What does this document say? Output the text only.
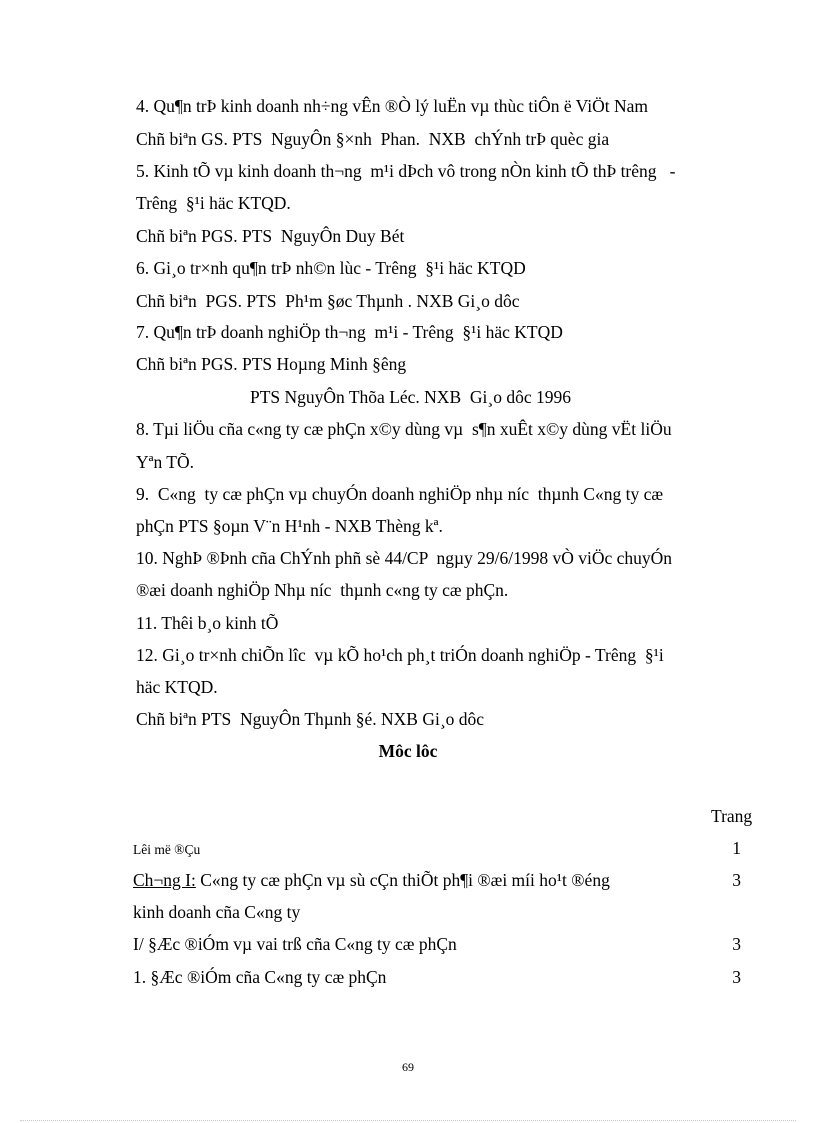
4. Qu¶n trÞ kinh doanh nh÷ng vÊn ®Ò lý luËn vµ thùc tiÔn ë ViÖt Nam
Chñ biªn GS. PTS  NguyÔn §×nh  Phan.  NXB  chÝnh trÞ quèc gia
5. Kinh tÕ vµ kinh doanh th¬ng  m¹i dÞch vô trong nÒn kinh tÕ thÞ trêng   -
Trêng  §¹i häc KTQD.
Chñ biªn PGS. PTS  NguyÔn Duy Bét
6. Gi¸o tr×nh qu¶n trÞ nh©n lùc - Trêng  §¹i häc KTQD
Chñ biªn  PGS. PTS  Ph¹m §øc Thµnh . NXB Gi¸o dôc
7. Qu¶n trÞ doanh nghiÖp th¬ng  m¹i - Trêng  §¹i häc KTQD
Chñ biªn PGS. PTS Hoµng Minh §êng
PTS NguyÔn Thõa Léc. NXB  Gi¸o dôc 1996
8. Tµi liÖu cña c«ng ty cæ phÇn x©y dùng vµ  s¶n xuÊt x©y dùng vËt liÖu
Yªn TÕ.
9.  C«ng  ty cæ phÇn vµ chuyÓn doanh nghiÖp nhµ níc  thµnh C«ng ty cæ
phÇn PTS §oµn V¨n H¹nh - NXB Thèng kª.
10. NghÞ ®Þnh cña ChÝnh phñ sè 44/CP  ngµy 29/6/1998 vÒ viÖc chuyÓn
®æi doanh nghiÖp Nhµ níc  thµnh c«ng ty cæ phÇn.
11. Thêi b¸o kinh tÕ
12. Gi¸o tr×nh chiÕn lîc  vµ kÕ ho¹ch ph¸t triÓn doanh nghiÖp - Trêng  §¹i
häc KTQD.
Chñ biªn PTS  NguyÔn Thµnh §é. NXB Gi¸o dôc
Môc lôc
Trang
Lêi më ®Çu	1
Ch¬ng I: C«ng ty cæ phÇn vµ sù cÇn thiÕt ph¶i ®æi míi ho¹t ®éng	3
kinh doanh cña C«ng ty
I/ §Æc ®iÓm vµ vai trß cña C«ng ty cæ phÇn	3
1. §Æc ®iÓm cña C«ng ty cæ phÇn	3
69
